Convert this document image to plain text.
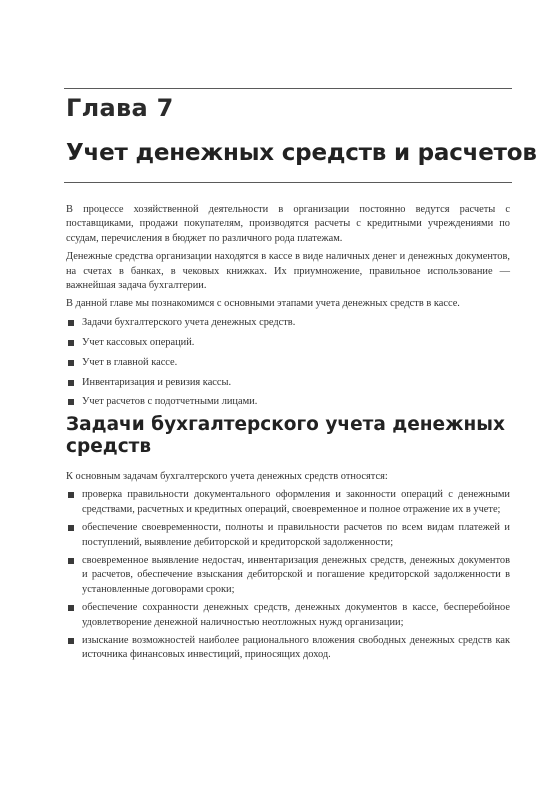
Глава 7
Учет денежных средств и расчетов

В процессе хозяйственной деятельности в организации постоянно ведутся расчеты с поставщиками, продажи покупателям, производятся расчеты с кредитными учреждениями по ссудам, перечисления в бюджет по различного рода платежам.

Денежные средства организации находятся в кассе в виде наличных денег и денежных документов, на счетах в банках, в чековых книжках. Их приумножение, правильное использование — важнейшая задача бухгалтерии.

В данной главе мы познакомимся с основными этапами учета денежных средств в кассе.

Задачи бухгалтерского учета денежных средств.
Учет кассовых операций.
Учет в главной кассе.
Инвентаризация и ревизия кассы.
Учет расчетов с подотчетными лицами.
Задачи бухгалтерского учета денежных средств

К основным задачам бухгалтерского учета денежных средств относятся:

проверка правильности документального оформления и законности операций с денежными средствами, расчетных и кредитных операций, своевременное и полное отражение их в учете;
обеспечение своевременности, полноты и правильности расчетов по всем видам платежей и поступлений, выявление дебиторской и кредиторской задолженности;
своевременное выявление недостач, инвентаризация денежных средств, денежных документов и расчетов, обеспечение взыскания дебиторской и погашение кредиторской задолженности в установленные договорами сроки;
обеспечение сохранности денежных средств, денежных документов в кассе, бесперебойное удовлетворение денежной наличностью неотложных нужд организации;
изыскание возможностей наиболее рационального вложения свободных денежных средств как источника финансовых инвестиций, приносящих доход.
